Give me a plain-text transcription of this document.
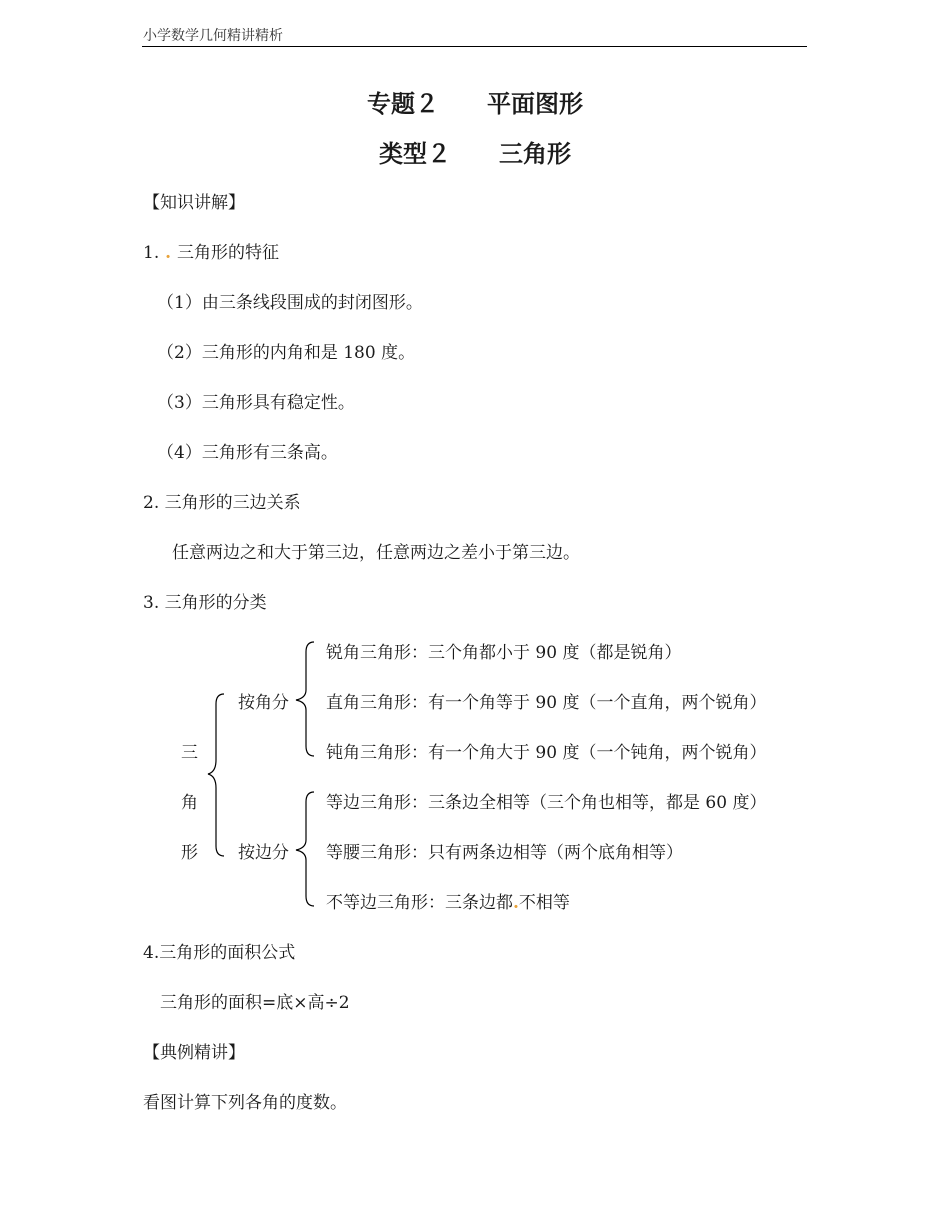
小学数学几何精讲精析
专题２　　平面图形
类型２　　三角形
【知识讲解】
1. . 三角形的特征
（1）由三条线段围成的封闭图形。
（2）三角形的内角和是 180 度。
（3）三角形具有稳定性。
（4）三角形有三条高。
2. 三角形的三边关系
任意两边之和大于第三边，任意两边之差小于第三边。
3. 三角形的分类
三
角
形
按角分
锐角三角形：三个角都小于 90 度（都是锐角）
直角三角形：有一个角等于 90 度（一个直角，两个锐角）
钝角三角形：有一个角大于 90 度（一个钝角，两个锐角）
按边分
等边三角形：三条边全相等（三个角也相等，都是 60 度）
等腰三角形：只有两条边相等（两个底角相等）
不等边三角形：三条边都.不相等
4.三角形的面积公式
三角形的面积=底×高÷2
【典例精讲】
看图计算下列各角的度数。
